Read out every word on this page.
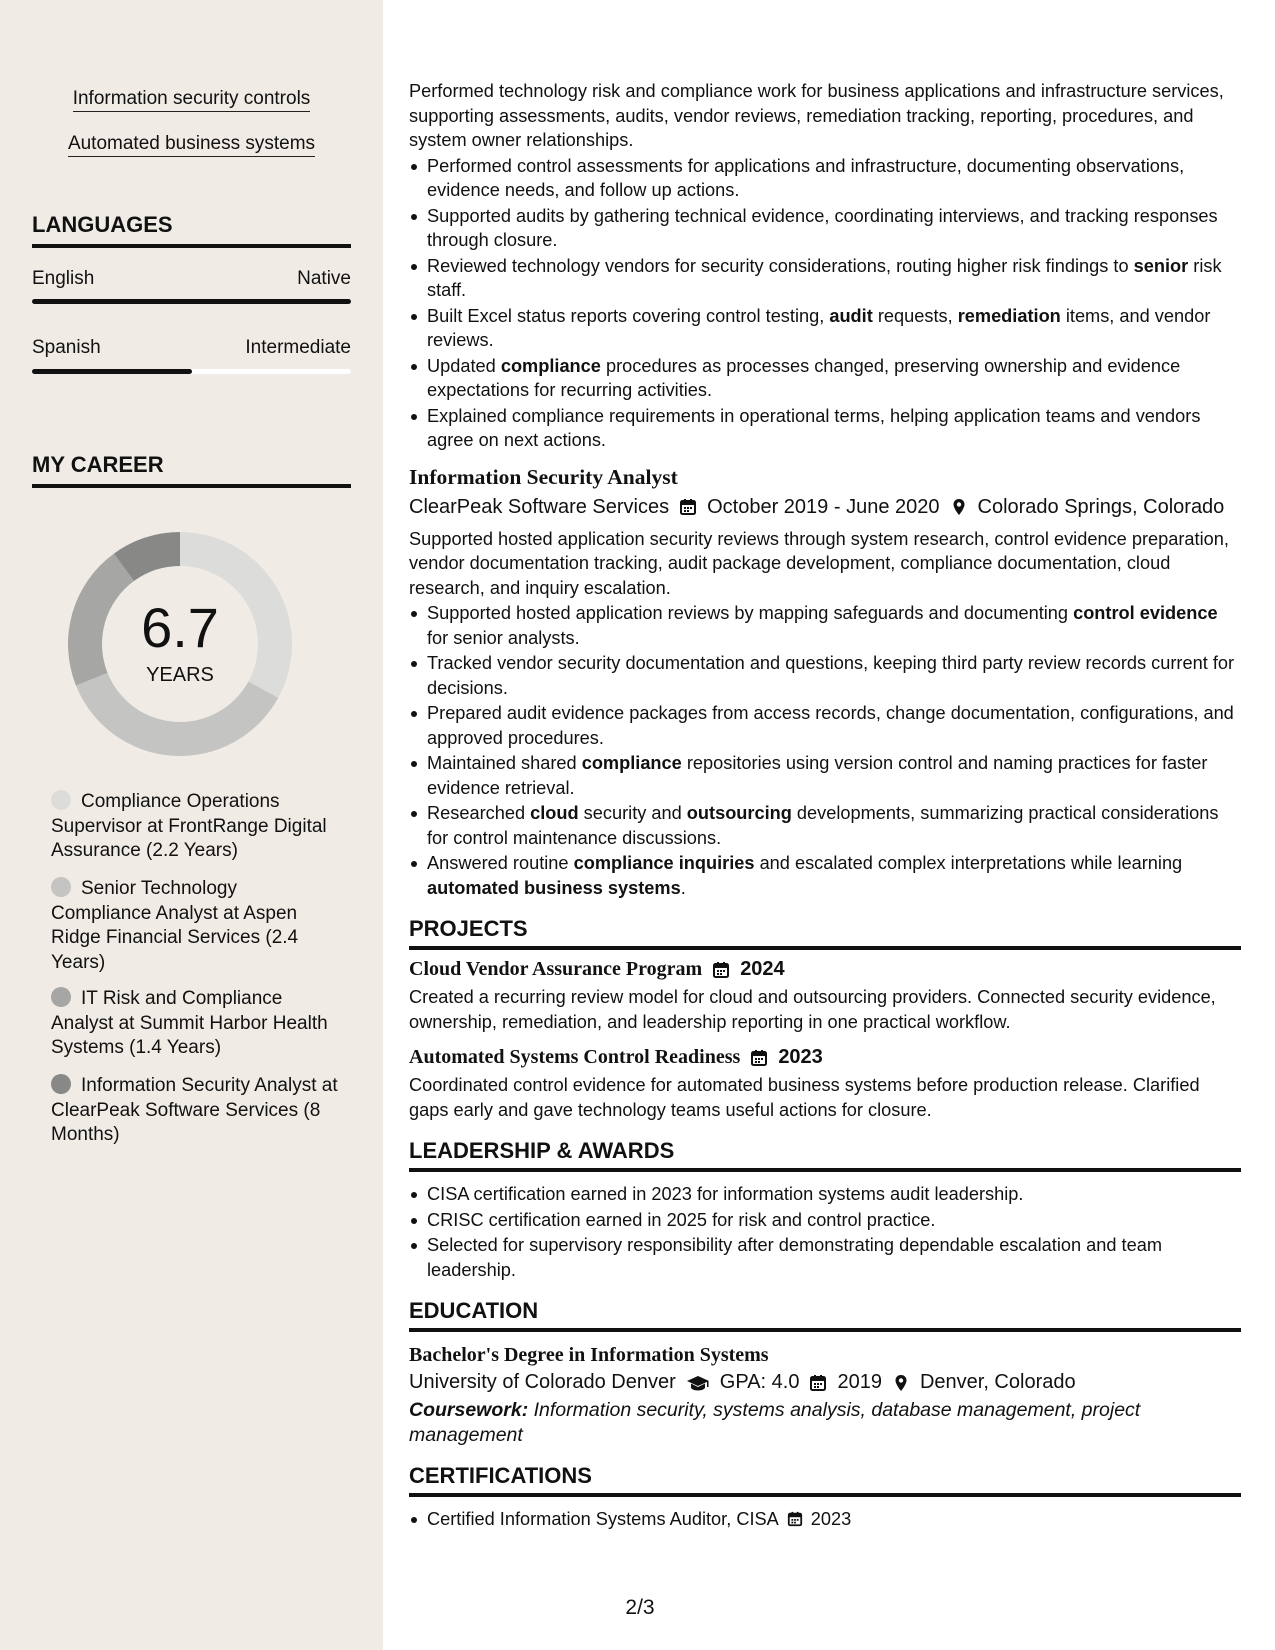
Information security controls
Automated business systems
LANGUAGES
English	Native
Spanish	Intermediate
MY CAREER
6.7
YEARS
Compliance Operations Supervisor at FrontRange Digital Assurance (2.2 Years)
Senior Technology Compliance Analyst at Aspen Ridge Financial Services (2.4 Years)
IT Risk and Compliance Analyst at Summit Harbor Health Systems (1.4 Years)
Information Security Analyst at ClearPeak Software Services (8 Months)
Performed technology risk and compliance work for business applications and infrastructure services, supporting assessments, audits, vendor reviews, remediation tracking, reporting, procedures, and system owner relationships.
Performed control assessments for applications and infrastructure, documenting observations, evidence needs, and follow up actions.
Supported audits by gathering technical evidence, coordinating interviews, and tracking responses through closure.
Reviewed technology vendors for security considerations, routing higher risk findings to senior risk staff.
Built Excel status reports covering control testing, audit requests, remediation items, and vendor reviews.
Updated compliance procedures as processes changed, preserving ownership and evidence expectations for recurring activities.
Explained compliance requirements in operational terms, helping application teams and vendors agree on next actions.
Information Security Analyst
ClearPeak Software Services October 2019 - June 2020 Colorado Springs, Colorado
Supported hosted application security reviews through system research, control evidence preparation, vendor documentation tracking, audit package development, compliance documentation, cloud research, and inquiry escalation.
Supported hosted application reviews by mapping safeguards and documenting control evidence for senior analysts.
Tracked vendor security documentation and questions, keeping third party review records current for decisions.
Prepared audit evidence packages from access records, change documentation, configurations, and approved procedures.
Maintained shared compliance repositories using version control and naming practices for faster evidence retrieval.
Researched cloud security and outsourcing developments, summarizing practical considerations for control maintenance discussions.
Answered routine compliance inquiries and escalated complex interpretations while learning automated business systems.
PROJECTS
Cloud Vendor Assurance Program 2024
Created a recurring review model for cloud and outsourcing providers. Connected security evidence, ownership, remediation, and leadership reporting in one practical workflow.
Automated Systems Control Readiness 2023
Coordinated control evidence for automated business systems before production release. Clarified gaps early and gave technology teams useful actions for closure.
LEADERSHIP & AWARDS
CISA certification earned in 2023 for information systems audit leadership.
CRISC certification earned in 2025 for risk and control practice.
Selected for supervisory responsibility after demonstrating dependable escalation and team leadership.
EDUCATION
Bachelor's Degree in Information Systems
University of Colorado Denver GPA: 4.0 2019 Denver, Colorado
Coursework: Information security, systems analysis, database management, project management
CERTIFICATIONS
Certified Information Systems Auditor, CISA 2023
2/3
